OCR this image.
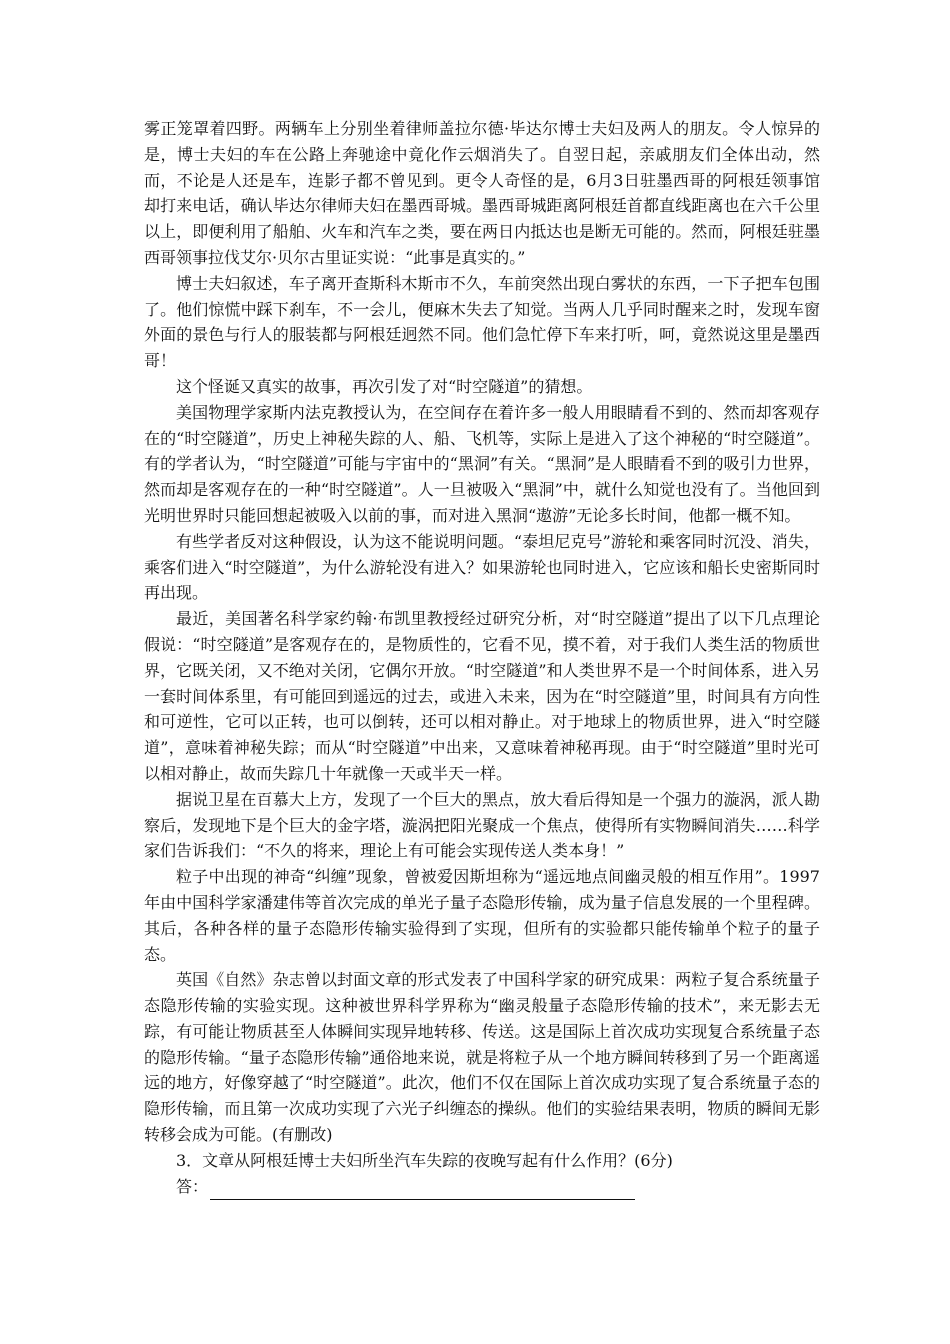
雾正笼罩着四野。两辆车上分别坐着律师盖拉尔德·毕达尔博士夫妇及两人的朋友。令人惊异的是，博士夫妇的车在公路上奔驰途中竟化作云烟消失了。自翌日起，亲戚朋友们全体出动，然而，不论是人还是车，连影子都不曾见到。更令人奇怪的是，6月3日驻墨西哥的阿根廷领事馆却打来电话，确认毕达尔律师夫妇在墨西哥城。墨西哥城距离阿根廷首都直线距离也在六千公里以上，即便利用了船舶、火车和汽车之类，要在两日内抵达也是断无可能的。然而，阿根廷驻墨西哥领事拉伐艾尔·贝尔古里证实说：“此事是真实的。”

博士夫妇叙述，车子离开查斯科木斯市不久，车前突然出现白雾状的东西，一下子把车包围了。他们惊慌中踩下刹车，不一会儿，便麻木失去了知觉。当两人几乎同时醒来之时，发现车窗外面的景色与行人的服装都与阿根廷迥然不同。他们急忙停下车来打听，呵，竟然说这里是墨西哥！

这个怪诞又真实的故事，再次引发了对“时空隧道”的猜想。

美国物理学家斯内法克教授认为，在空间存在着许多一般人用眼睛看不到的、然而却客观存在的“时空隧道”，历史上神秘失踪的人、船、飞机等，实际上是进入了这个神秘的“时空隧道”。有的学者认为，“时空隧道”可能与宇宙中的“黑洞”有关。“黑洞”是人眼睛看不到的吸引力世界，然而却是客观存在的一种“时空隧道”。人一旦被吸入“黑洞”中，就什么知觉也没有了。当他回到光明世界时只能回想起被吸入以前的事，而对进入黑洞“遨游”无论多长时间，他都一概不知。

有些学者反对这种假设，认为这不能说明问题。“泰坦尼克号”游轮和乘客同时沉没、消失，乘客们进入“时空隧道”，为什么游轮没有进入？如果游轮也同时进入，它应该和船长史密斯同时再出现。

最近，美国著名科学家约翰·布凯里教授经过研究分析，对“时空隧道”提出了以下几点理论假说：“时空隧道”是客观存在的，是物质性的，它看不见，摸不着，对于我们人类生活的物质世界，它既关闭，又不绝对关闭，它偶尔开放。“时空隧道”和人类世界不是一个时间体系，进入另一套时间体系里，有可能回到遥远的过去，或进入未来，因为在“时空隧道”里，时间具有方向性和可逆性，它可以正转，也可以倒转，还可以相对静止。对于地球上的物质世界，进入“时空隧道”，意味着神秘失踪；而从“时空隧道”中出来，又意味着神秘再现。由于“时空隧道”里时光可以相对静止，故而失踪几十年就像一天或半天一样。

据说卫星在百慕大上方，发现了一个巨大的黑点，放大看后得知是一个强力的漩涡，派人勘察后，发现地下是个巨大的金字塔，漩涡把阳光聚成一个焦点，使得所有实物瞬间消失……科学家们告诉我们：“不久的将来，理论上有可能会实现传送人类本身！”

粒子中出现的神奇“纠缠”现象，曾被爱因斯坦称为“遥远地点间幽灵般的相互作用”。1997年由中国科学家潘建伟等首次完成的单光子量子态隐形传输，成为量子信息发展的一个里程碑。其后，各种各样的量子态隐形传输实验得到了实现，但所有的实验都只能传输单个粒子的量子态。

英国《自然》杂志曾以封面文章的形式发表了中国科学家的研究成果：两粒子复合系统量子态隐形传输的实验实现。这种被世界科学界称为“幽灵般量子态隐形传输的技术”，来无影去无踪，有可能让物质甚至人体瞬间实现异地转移、传送。这是国际上首次成功实现复合系统量子态的隐形传输。“量子态隐形传输”通俗地来说，就是将粒子从一个地方瞬间转移到了另一个距离遥远的地方，好像穿越了“时空隧道”。此次，他们不仅在国际上首次成功实现了复合系统量子态的隐形传输，而且第一次成功实现了六光子纠缠态的操纵。他们的实验结果表明，物质的瞬间无影转移会成为可能。(有删改)

3．文章从阿根廷博士夫妇所坐汽车失踪的夜晚写起有什么作用？(6分)

答：
